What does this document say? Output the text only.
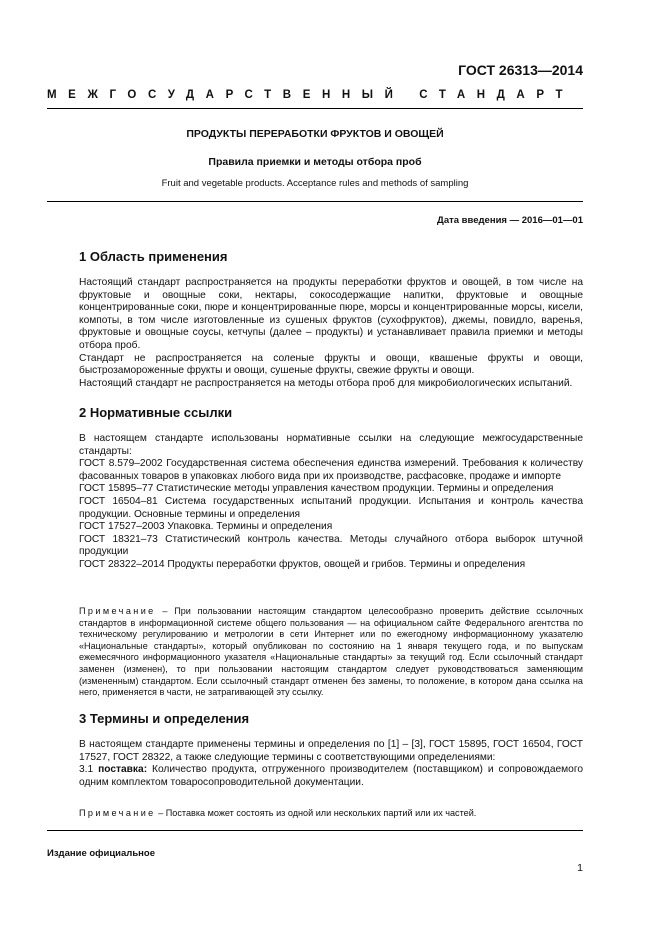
ГОСТ 26313—2014
МЕЖГОСУДАРСТВЕННЫЙ СТАНДАРТ
ПРОДУКТЫ ПЕРЕРАБОТКИ ФРУКТОВ И ОВОЩЕЙ
Правила приемки и методы отбора проб
Fruit and vegetable products. Acceptance rules and methods of sampling
Дата введения — 2016—01—01
1 Область применения

Настоящий стандарт распространяется на продукты переработки фруктов и овощей, в том числе на фруктовые и овощные соки, нектары, сокосодержащие напитки, фруктовые и овощные концентрированные соки, пюре и концентрированные пюре, морсы и концентрированные морсы, кисели, компоты, в том числе изготовленные из сушеных фруктов (сухофруктов), джемы, повидло, варенья, фруктовые и овощные соусы, кетчупы (далее – продукты) и устанавливает правила приемки и методы отбора проб.

Стандарт не распространяется на соленые фрукты и овощи, квашеные фрукты и овощи, быстрозамороженные фрукты и овощи, сушеные фрукты, свежие фрукты и овощи.

Настоящий стандарт не распространяется на методы отбора проб для микробиологических испытаний.

2 Нормативные ссылки

В настоящем стандарте использованы нормативные ссылки на следующие межгосударственные стандарты:

ГОСТ 8.579–2002 Государственная система обеспечения единства измерений. Требования к количеству фасованных товаров в упаковках любого вида при их производстве, расфасовке, продаже и импорте

ГОСТ 15895–77 Статистические методы управления качеством продукции. Термины и определения

ГОСТ 16504–81 Система государственных испытаний продукции. Испытания и контроль качества продукции. Основные термины и определения

ГОСТ 17527–2003 Упаковка. Термины и определения

ГОСТ 18321–73 Статистический контроль качества. Методы случайного отбора выборок штучной продукции

ГОСТ 28322–2014 Продукты переработки фруктов, овощей и грибов. Термины и определения

Примечание – При пользовании настоящим стандартом целесообразно проверить действие ссылочных стандартов в информационной системе общего пользования — на официальном сайте Федерального агентства по техническому регулированию и метрологии в сети Интернет или по ежегодному информационному указателю «Национальные стандарты», который опубликован по состоянию на 1 января текущего года, и по выпускам ежемесячного информационного указателя «Национальные стандарты» за текущий год. Если ссылочный стандарт заменен (изменен), то при пользовании настоящим стандартом следует руководствоваться заменяющим (измененным) стандартом. Если ссылочный стандарт отменен без замены, то положение, в котором дана ссылка на него, применяется в части, не затрагивающей эту ссылку.

3 Термины и определения

В настоящем стандарте применены термины и определения по [1] – [3], ГОСТ 15895, ГОСТ 16504, ГОСТ 17527, ГОСТ 28322, а также следующие термины с соответствующими определениями:

3.1 поставка: Количество продукта, отгруженного производителем (поставщиком) и сопровождаемого одним комплектом товаросопроводительной документации.

Примечание – Поставка может состоять из одной или нескольких партий или их частей.

Издание официальное
1
